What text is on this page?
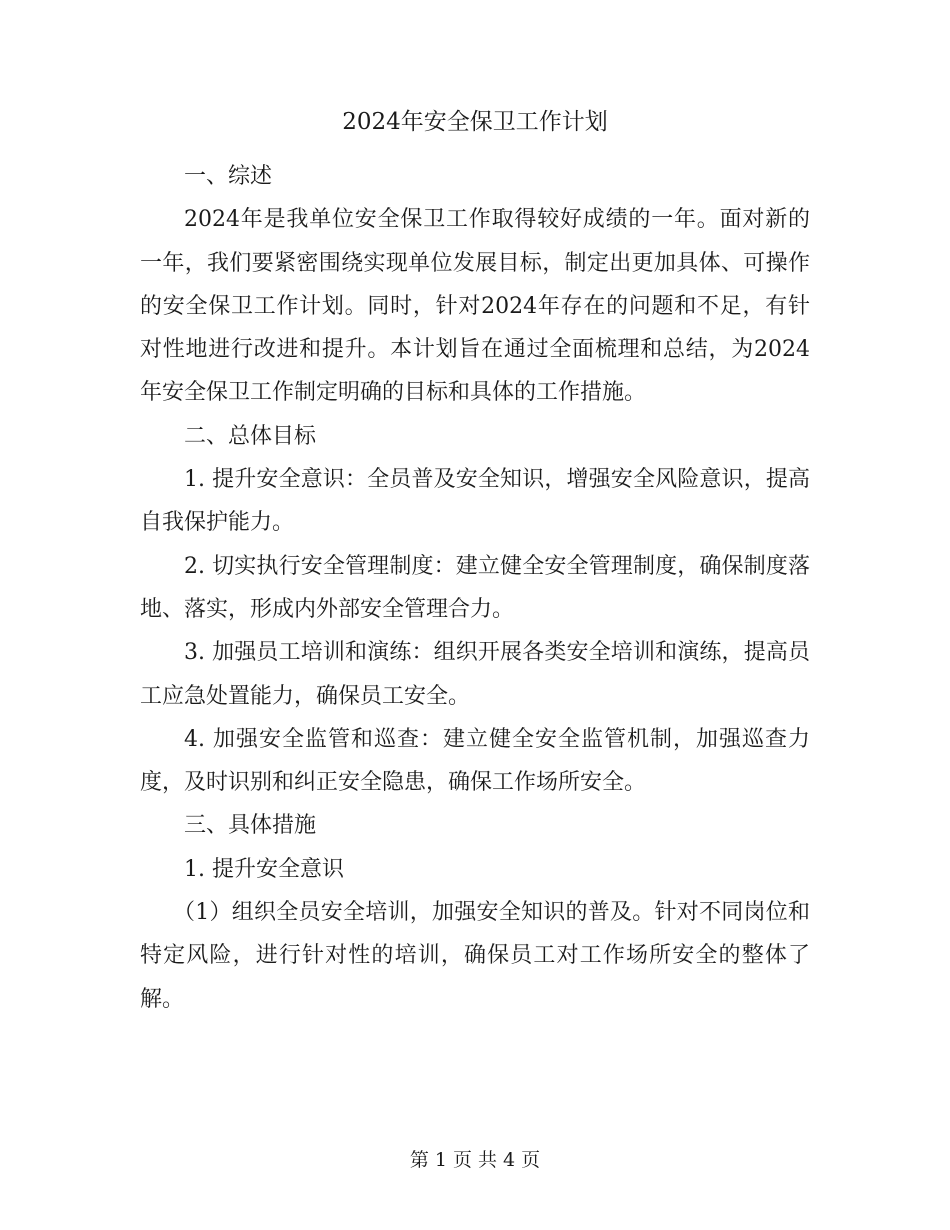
2024年安全保卫工作计划

一、综述

2024年是我单位安全保卫工作取得较好成绩的一年。面对新的一年，我们要紧密围绕实现单位发展目标，制定出更加具体、可操作的安全保卫工作计划。同时，针对2024年存在的问题和不足，有针对性地进行改进和提升。本计划旨在通过全面梳理和总结，为2024年安全保卫工作制定明确的目标和具体的工作措施。

二、总体目标

1. 提升安全意识：全员普及安全知识，增强安全风险意识，提高自我保护能力。

2. 切实执行安全管理制度：建立健全安全管理制度，确保制度落地、落实，形成内外部安全管理合力。

3. 加强员工培训和演练：组织开展各类安全培训和演练，提高员工应急处置能力，确保员工安全。

4. 加强安全监管和巡查：建立健全安全监管机制，加强巡查力度，及时识别和纠正安全隐患，确保工作场所安全。

三、具体措施

1. 提升安全意识

（1）组织全员安全培训，加强安全知识的普及。针对不同岗位和特定风险，进行针对性的培训，确保员工对工作场所安全的整体了解。

第 1 页 共 4 页
